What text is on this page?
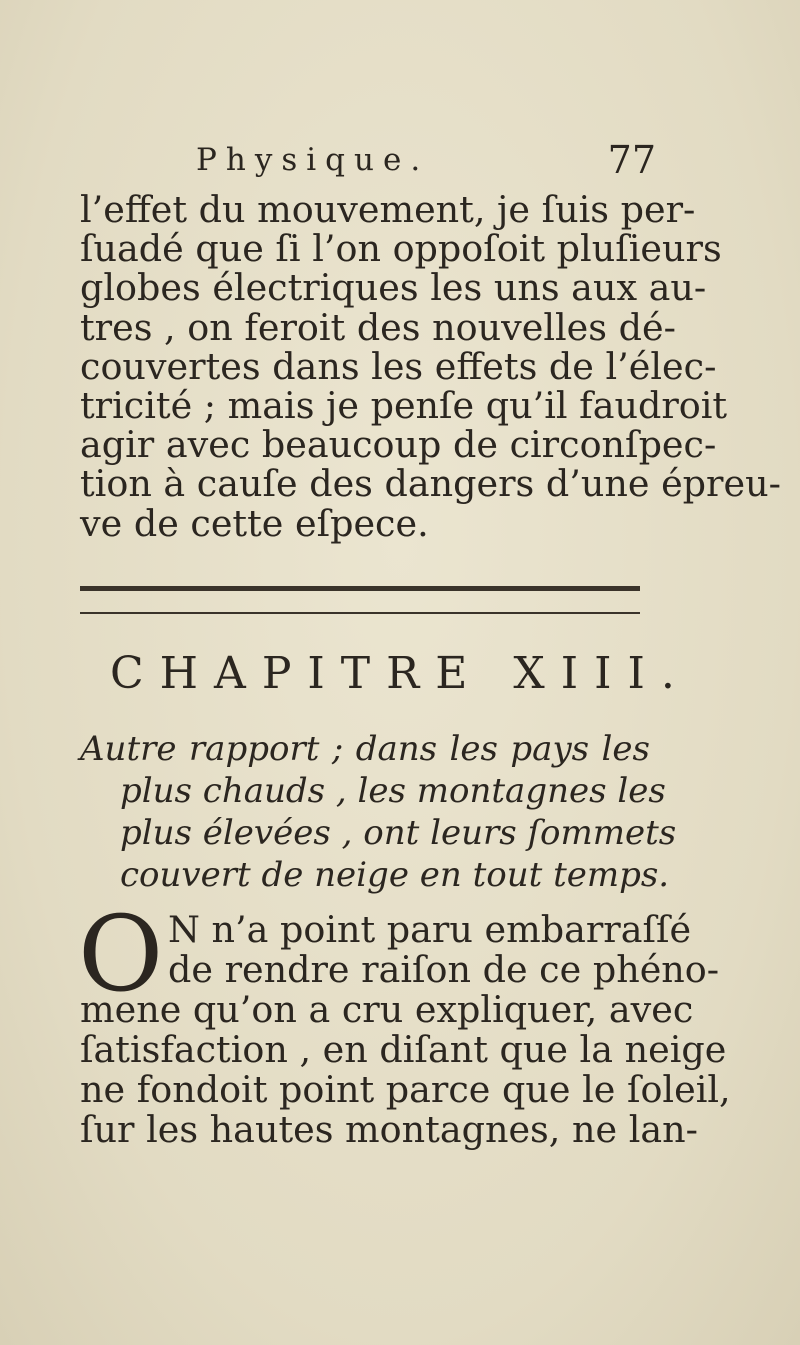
Physique.	77
l’effet du mouvement, je ſuis per-
ſuadé que ſi l’on oppoſoit pluſieurs
globes électriques les uns aux au-
tres , on feroit des nouvelles dé-
couvertes dans les effets de l’élec-
tricité ; mais je penſe qu’il faudroit
agir avec beaucoup de circonſpec-
tion à cauſe des dangers d’une épreu-
ve de cette eſpece.
CHAPITRE XIII.
Autre rapport ; dans les pays les
plus chauds , les montagnes les
plus élevées , ont leurs ſommets
couvert de neige en tout temps.
O N n’a point paru embarraſſé
de rendre raiſon de ce phéno-
mene qu’on a cru expliquer, avec
ſatisfaction , en diſant que la neige
ne fondoit point parce que le ſoleil,
ſur les hautes montagnes, ne lan-
